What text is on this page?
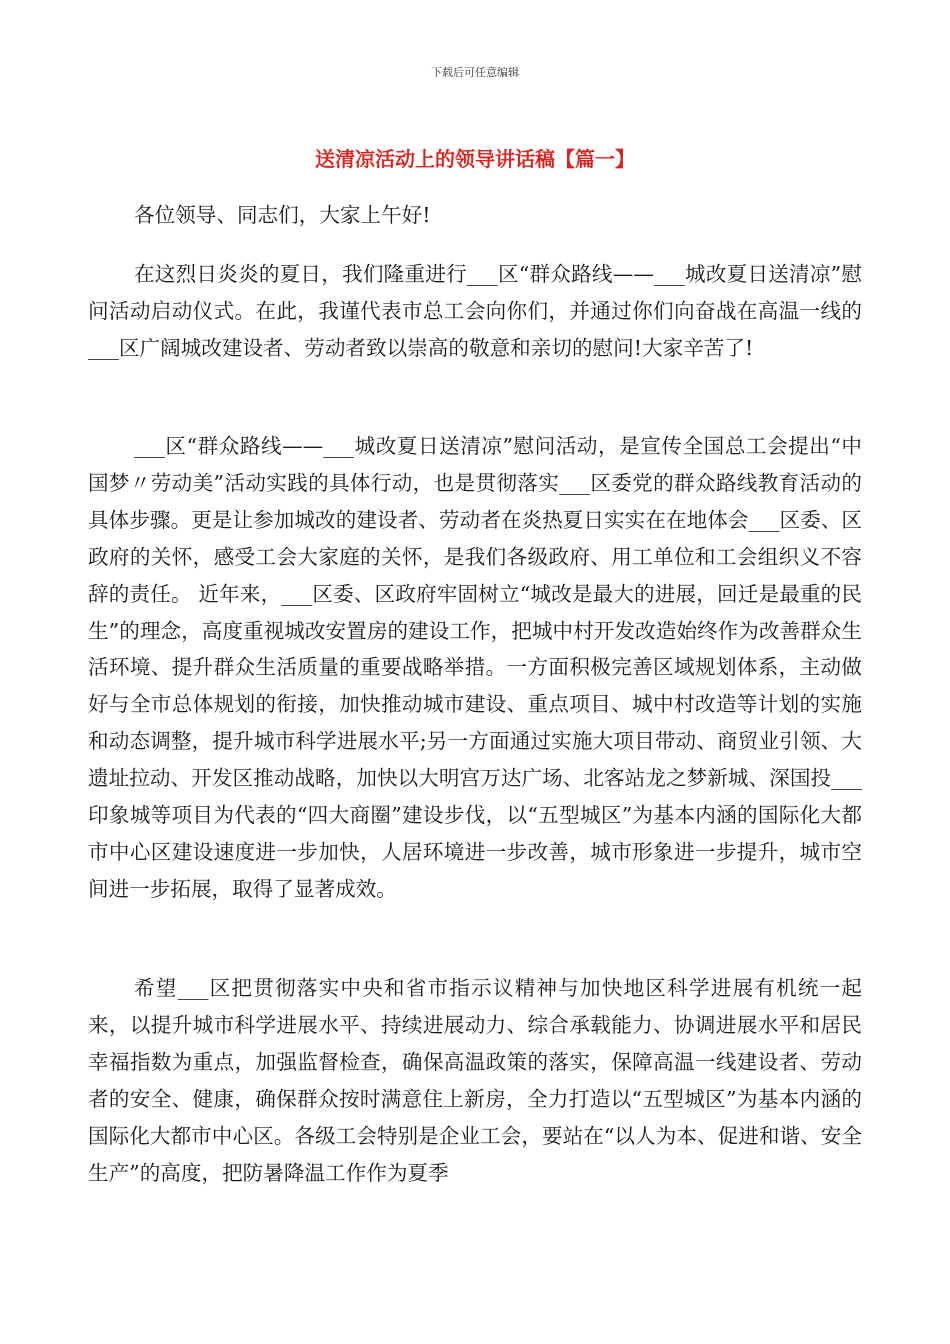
下载后可任意编辑
送清凉活动上的领导讲话稿【篇一】
各位领导、同志们，大家上午好!

在这烈日炎炎的夏日，我们隆重进行___区“群众路线——___城改夏日送清凉”慰问活动启动仪式。在此，我谨代表市总工会向你们，并通过你们向奋战在高温一线的___区广阔城改建设者、劳动者致以崇高的敬意和亲切的慰问!大家辛苦了!

___区“群众路线——___城改夏日送清凉”慰问活动，是宣传全国总工会提出“中国梦〃劳动美”活动实践的具体行动，也是贯彻落实___区委党的群众路线教育活动的具体步骤。更是让参加城改的建设者、劳动者在炎热夏日实实在在地体会___区委、区政府的关怀，感受工会大家庭的关怀，是我们各级政府、用工单位和工会组织义不容辞的责任。 近年来，___区委、区政府牢固树立“城改是最大的进展，回迁是最重的民生”的理念，高度重视城改安置房的建设工作，把城中村开发改造始终作为改善群众生活环境、提升群众生活质量的重要战略举措。一方面积极完善区域规划体系，主动做好与全市总体规划的衔接，加快推动城市建设、重点项目、城中村改造等计划的实施和动态调整，提升城市科学进展水平;另一方面通过实施大项目带动、商贸业引领、大遗址拉动、开发区推动战略，加快以大明宫万达广场、北客站龙之梦新城、深国投___印象城等项目为代表的“四大商圈”建设步伐，以“五型城区”为基本内涵的国际化大都市中心区建设速度进一步加快，人居环境进一步改善，城市形象进一步提升，城市空间进一步拓展，取得了显著成效。

希望___区把贯彻落实中央和省市指示议精神与加快地区科学进展有机统一起来，以提升城市科学进展水平、持续进展动力、综合承载能力、协调进展水平和居民幸福指数为重点，加强监督检查，确保高温政策的落实，保障高温一线建设者、劳动者的安全、健康，确保群众按时满意住上新房，全力打造以“五型城区”为基本内涵的国际化大都市中心区。各级工会特别是企业工会，要站在“以人为本、促进和谐、安全生产”的高度，把防暑降温工作作为夏季
